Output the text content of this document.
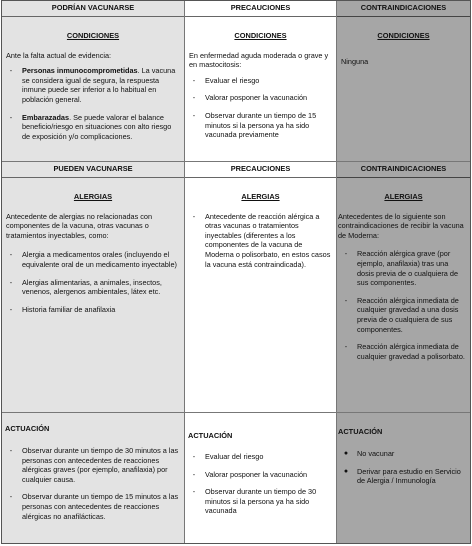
PODRÍAN VACUNARSE
CONDICIONES
Ante la falta actual de evidencia:
-	Personas inmunocomprometidas. La vacuna se considera igual de segura, la respuesta inmune puede ser inferior a lo habitual en población general.
-	Embarazadas. Se puede valorar el balance beneficio/riesgo en situaciones con alto riesgo de exposición y/o complicaciones.
PRECAUCIONES
CONDICIONES
En enfermedad aguda moderada o grave y en mastocitosis:
-	Evaluar el riesgo
-	Valorar posponer la vacunación
-	Observar durante un tiempo de 15 minutos si la persona ya ha sido vacunada previamente
CONTRAINDICACIONES
CONDICIONES
Ninguna
PUEDEN VACUNARSE
ALERGIAS
Antecedente de alergias no relacionadas con componentes de la vacuna, otras vacunas o tratamientos inyectables, como:
-	Alergia a medicamentos orales (incluyendo el equivalente oral de un medicamento inyectable)
-	Alergias alimentarias, a animales, insectos, venenos, alergenos ambientales, látex etc.
-	Historia familiar de anafilaxia
PRECAUCIONES
ALERGIAS
-	Antecedente de reacción alérgica a otras vacunas o tratamientos inyectables (diferentes a los componentes de la vacuna de Moderna o polisorbato, en estos casos la vacuna está contraindicada).
CONTRAINDICACIONES
ALERGIAS
Antecedentes de lo siguiente son contraindicaciones de recibir la vacuna de Moderna:
-	Reacción alérgica grave (por ejemplo, anafilaxia) tras una dosis previa de o cualquiera de sus componentes.
-	Reacción alérgica inmediata de cualquier gravedad a una dosis previa de o cualquiera de sus componentes.
-	Reacción alérgica inmediata de cualquier gravedad a polisorbato.
ACTUACIÓN
-	Observar durante un tiempo de 30 minutos a las personas con antecedentes de reacciones alérgicas graves (por ejemplo, anafilaxia) por cualquier causa.
-	Observar durante un tiempo de 15 minutos a las personas con antecedentes de reacciones alérgicas no anafilácticas.
ACTUACIÓN
-	Evaluar del riesgo
-	Valorar posponer la vacunación
-	Observar durante un tiempo de 30 minutos si la persona ya ha sido vacunada
ACTUACIÓN
●	No vacunar
●	Derivar para estudio en Servicio de Alergia / Inmunología
